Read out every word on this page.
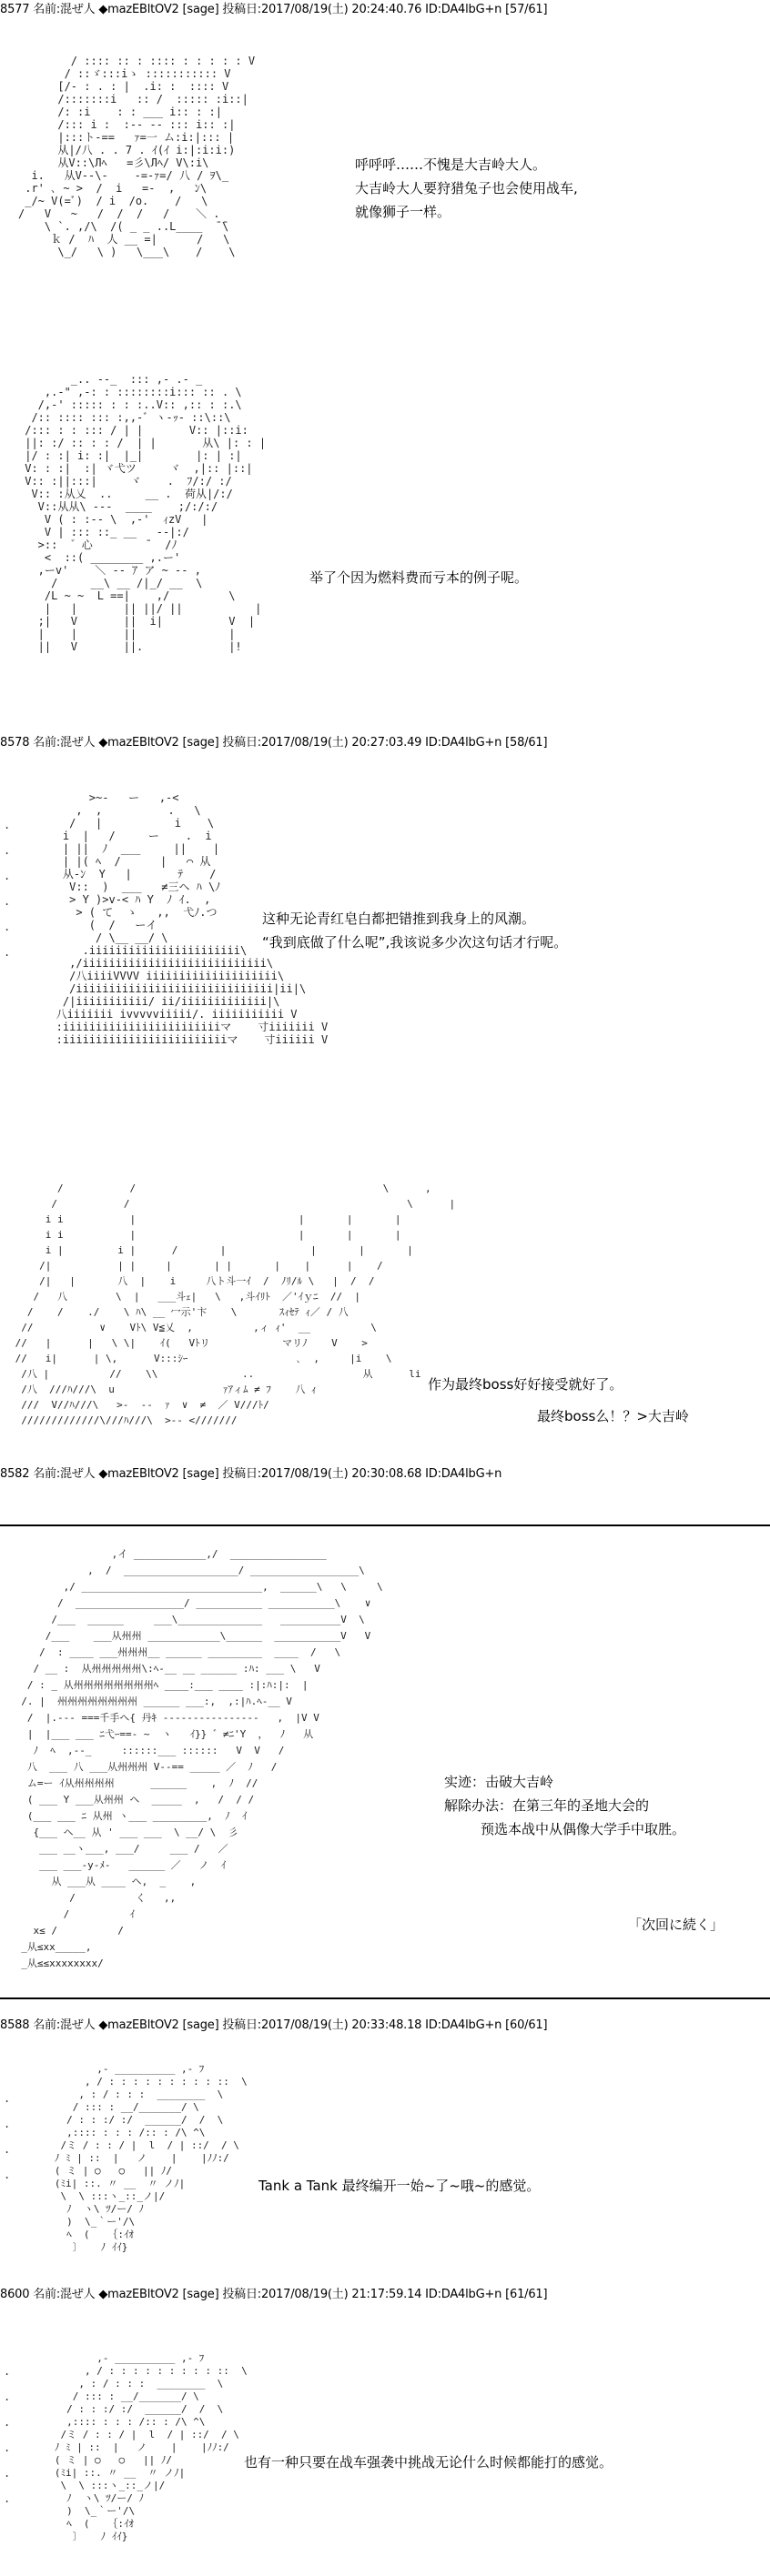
8577 名前:混ぜ人 ◆mazEBltOV2 [sage] 投稿日:2017/08/19(土) 20:24:40.76 ID:DA4lbG+n [57/61]
/ :::: :: : :::: : : : : : V
/ ::ゞ:::iゝ ::::::::::: V
[/- : . : |  .i: :  :::: V
/:::::::i   :: /  ::::: :i::|
/: :i    : : ___ i:: : :|
/::: i :  :-- -- ::: i:: :|
|:::ト-==   ｧ=一 ム:i:|::: |
从|/八 . . 7 . ｲ(ｲ i:|:i:i:)
从V::\Лﾍ   =彡\Лﾍ/ V\:i\
i.   从V--\-    -=-ｧ=/ 八 / ｦ\_
.r' ､ ~ >  /  i   =-  ,   ﾝ\
_/~ V(=ﾞ)  / i  /o.    /   \
/   V   ~   /  /  /   /    ＼ .
\ `. ,/\  /( _ _ ..L____  ̄ ̄\
ｋ /  ﾊ  人 __ =|      /   \
\_/   \ )   \___\    /    \
呼呼呼……不愧是大吉岭大人。
大吉岭大人要狩猎兔子也会使用战车,
就像狮子一样。
_.. --_  ::: ,- .- _
,.-" ,-: : ::::::::i::: :: . \
/,-' ::::: : : :..V:: ,:: : :.\
/:: :::: ::: :,,-ﾞ ヽ-ｯ- ::\::\
/::: : : ::: / | |       V:: |::i:
||: :/ :: : : /  | |       从\ |: : |
|/ : :| i: :|  |_|        |: | :|
V: : :|  :| ヾ弋ツ     ヾ  ,|:: |::|
V:: :||:::|     ヾ    .  ﾌ/:/ :/
V:: :从乂  ..     __ .  荷从|/:/
V::从从\ ---  ____    ;/:/:/
V ( : :-- \  ,-'  ｨzV   |
V | ::: ::_ __   --|:/
>::  ゛心        ̄   /ﾉ
<  ::( ________ ,.ー'
,ーv'    ＼ -- ｱ ア ~ -- ,
/     __\ __ /|_/ __  \
/L ~ ~  L ==|    ,/         \
|   |       || ||/ ||           |
;|   V       ||  i|          V  |
|    |       ||              |
||   V       ||.             |!
举了个因为燃料费而亏本的例子呢。
8578 名前:混ぜ人 ◆mazEBltOV2 [sage] 投稿日:2017/08/19(土) 20:27:03.49 ID:DA4lbG+n [58/61]
.

.

.

.

.

.
>~-   ー   ,-<
,  ,          .   \
/   |           i    \
i  |   /     ー    .  i
| ||  ﾉ  ___     ||    |
| |( ﾍ  /      |   ⌒ 从
从-ﾝ  Y   |       ﾃ    /
V::  )  ___   ≠三ヘ ﾊ \ﾉ
> Y )>v-< ﾊ Y  ﾉ ｲ.  ,
> ( て  ゝ   ,,  弋ﾉ.つ
(  /   ーイ
/ \__ __/ \
.iiiiiiiiiiiiiiiiiiiiiii\
,/iiiiiiiiiiiiiiiiiiiiiiiiiiii\
/八iiiiVVVV iiiiiiiiiiiiiiiiiiii\
/iiiiiiiiiiiiiiiiiiiiiiiiiiiiii|ii|\
/|iiiiiiiiiii/ ii/iiiiiiiiiiiii|\
八iiiiiii ivvvvviiiii/. iiiiiiiiiii V
:iiiiiiiiiiiiiiiiiiiiiiiiマ    寸iiiiiii V
:iiiiiiiiiiiiiiiiiiiiiiiiiマ    寸iiiiii V
这种无论青红皂白都把错推到我身上的风潮。
“我到底做了什么呢”,我该说多少次这句话才行呢。
/           /                                         \      ,
/           /                                              \      |
i i           |                           |       |       |
i i           |                           |       |       |
i |         i |      /       |              |       |       |
/|           | |     |       | |       |    |      |    /
/|   |       八  |    i     八ト斗一ｲ  /  ﾉﾘ/ﾙ \   |  /  /
/   八        \  |   ___斗ｪ|   \   ,斗ｲﾘﾄ  ／'ｲｙﾆ  //  |
/    /    ./    \ ﾊ\ __ 冖示'卞    \       ｽｨｾﾃ ｨ／ / 八
//           ∨    Vﾄ\ V≦乂  ,          ,ィ ｨ'  __          \
//   |      |   \ \|    ｲ(   Vﾄリ            マリﾉ    V    >
//   i|      | \,      V:::ｼｰ                  ､  ,     |i    \
/八 |          //    \\              ..                  从      li
/八  ///ﾊ///\  u                  ｧｱィﾑ ≠ ﾌ    八 ｨ
///  V//ﾊ///\   >-  --  ｧ  ∨  ≠  ／ V///ﾄ/
/////////////\///ﾊ///\  >-- <///////
作为最终boss好好接受就好了。
最终boss么！？>大吉岭
8582 名前:混ぜ人 ◆mazEBltOV2 [sage] 投稿日:2017/08/19(土) 20:30:08.68 ID:DA4lbG+n
,イ ____________,/  ________________
,  /  ___________________/ __________________\
,/ ______________________________,  ______\   \     \
/  __________________/ ___________ ___________\    ∨
/___  ______     ___\______________   __________V  \
/___    ___从州州 ____________\______  ___________V   V
/  : ____ ___州州州__ ______ _________  ____  /   \
/ __ :  从州州州州州\:ﾍ-__ __ ______ :ﾊ: ___ \   V
/ : _ 从州州州州州州州州ﾍ ____:___ ____ :|:ﾊ:|:  |
/. |  州州州州州州州州 ______ ___:,  ,:|ﾊ.ﾍ-__ V
/  |.--- ===千手ヘ{ 丹ｷ ----------------   ,  |V V
|  |___ ___ ﾆ弋ｰ==‐ ~  ヽ   ｲ}} ゛≠ﾆ'Y  ，  ﾉ   从
ﾉ  ﾍ  ,--_     ::::::___ ::::::   V  V   /
八  ___ 八 ___从州州州 V--== _____ ／  ﾉ   /
ム=ー ｲ从州州州州      ______    ,  ﾉ  //
( ___ Y ___从州州 ヘ  _____  ,   /  / /
(___ ___ ﾆ 从州 ヽ___ _________,  ﾉ  ｲ
{___ ヘ__ 从 ' ___ ___  \ __/ \  彡
___ __ヽ___, ___/     ___ /   ／
___ ___-y-ﾒ-   ______ ／   ノ  ｲ
从 ___从 ____ ヘ,  _    ,
/          く   ,,
/          ｲ
x≤ /          /
_从≤xx_____,
_从≤≤xxxxxxxx/
实迹：击破大吉岭
解除办法：在第三年的圣地大会的
预选本战中从偶像大学手中取胜。
「次回に続く」
8588 名前:混ぜ人 ◆mazEBltOV2 [sage] 投稿日:2017/08/19(土) 20:33:48.18 ID:DA4lbG+n [60/61]
.

.

.

.
,- __________ ,- ﾌ
, / : : : : : : : : : ::  \
, : / : : :  ________  \
/ ::: : __/_______/ \
/ : : :/ :/  ______/  /  \
,:::: : : : /:: : /\ ^\
/ミ / : : / |  l  / | ::/  / \
ﾉ ﾐ | ::  |   ノ    |    |ﾉﾉ:/
( ミ | ○   ○   || ﾉ/
(ﾐi| ::. 〃 __  〃 ノﾉ|
\  \ :::ヽ_::_ノ|/
ﾉ  ヽ\ ﾂ/ー/ ﾉ
)  \_｀ー'/\
ﾍ  (   ｛:ｲｵ
〕   ﾉ ｲｲ}
Tank a Tank 最终编开一始~了~哦~的感觉。
8600 名前:混ぜ人 ◆mazEBltOV2 [sage] 投稿日:2017/08/19(土) 21:17:59.14 ID:DA4lbG+n [61/61]
.

.

.

.

.

.
,- __________ ,- ﾌ
, / : : : : : : : : : ::  \
, : / : : :  ________  \
/ ::: : __/_______/ \
/ : : :/ :/  ______/  /  \
,:::: : : : /:: : /\ ^\
/ミ / : : / |  l  / | ::/  / \
ﾉ ﾐ | ::  |   ノ    |    |ﾉﾉ:/
( ミ | ○   ○   || ﾉ/
(ﾐi| ::. 〃 __  〃 ノﾉ|
\  \ :::ヽ_::_ノ|/
ﾉ  ヽ\ ﾂ/ー/ ﾉ
)  \_｀ー'/\
ﾍ  (   ｛:ｲｵ
〕   ﾉ ｲｲ}
也有一种只要在战车强袭中挑战无论什么时候都能打的感觉。
